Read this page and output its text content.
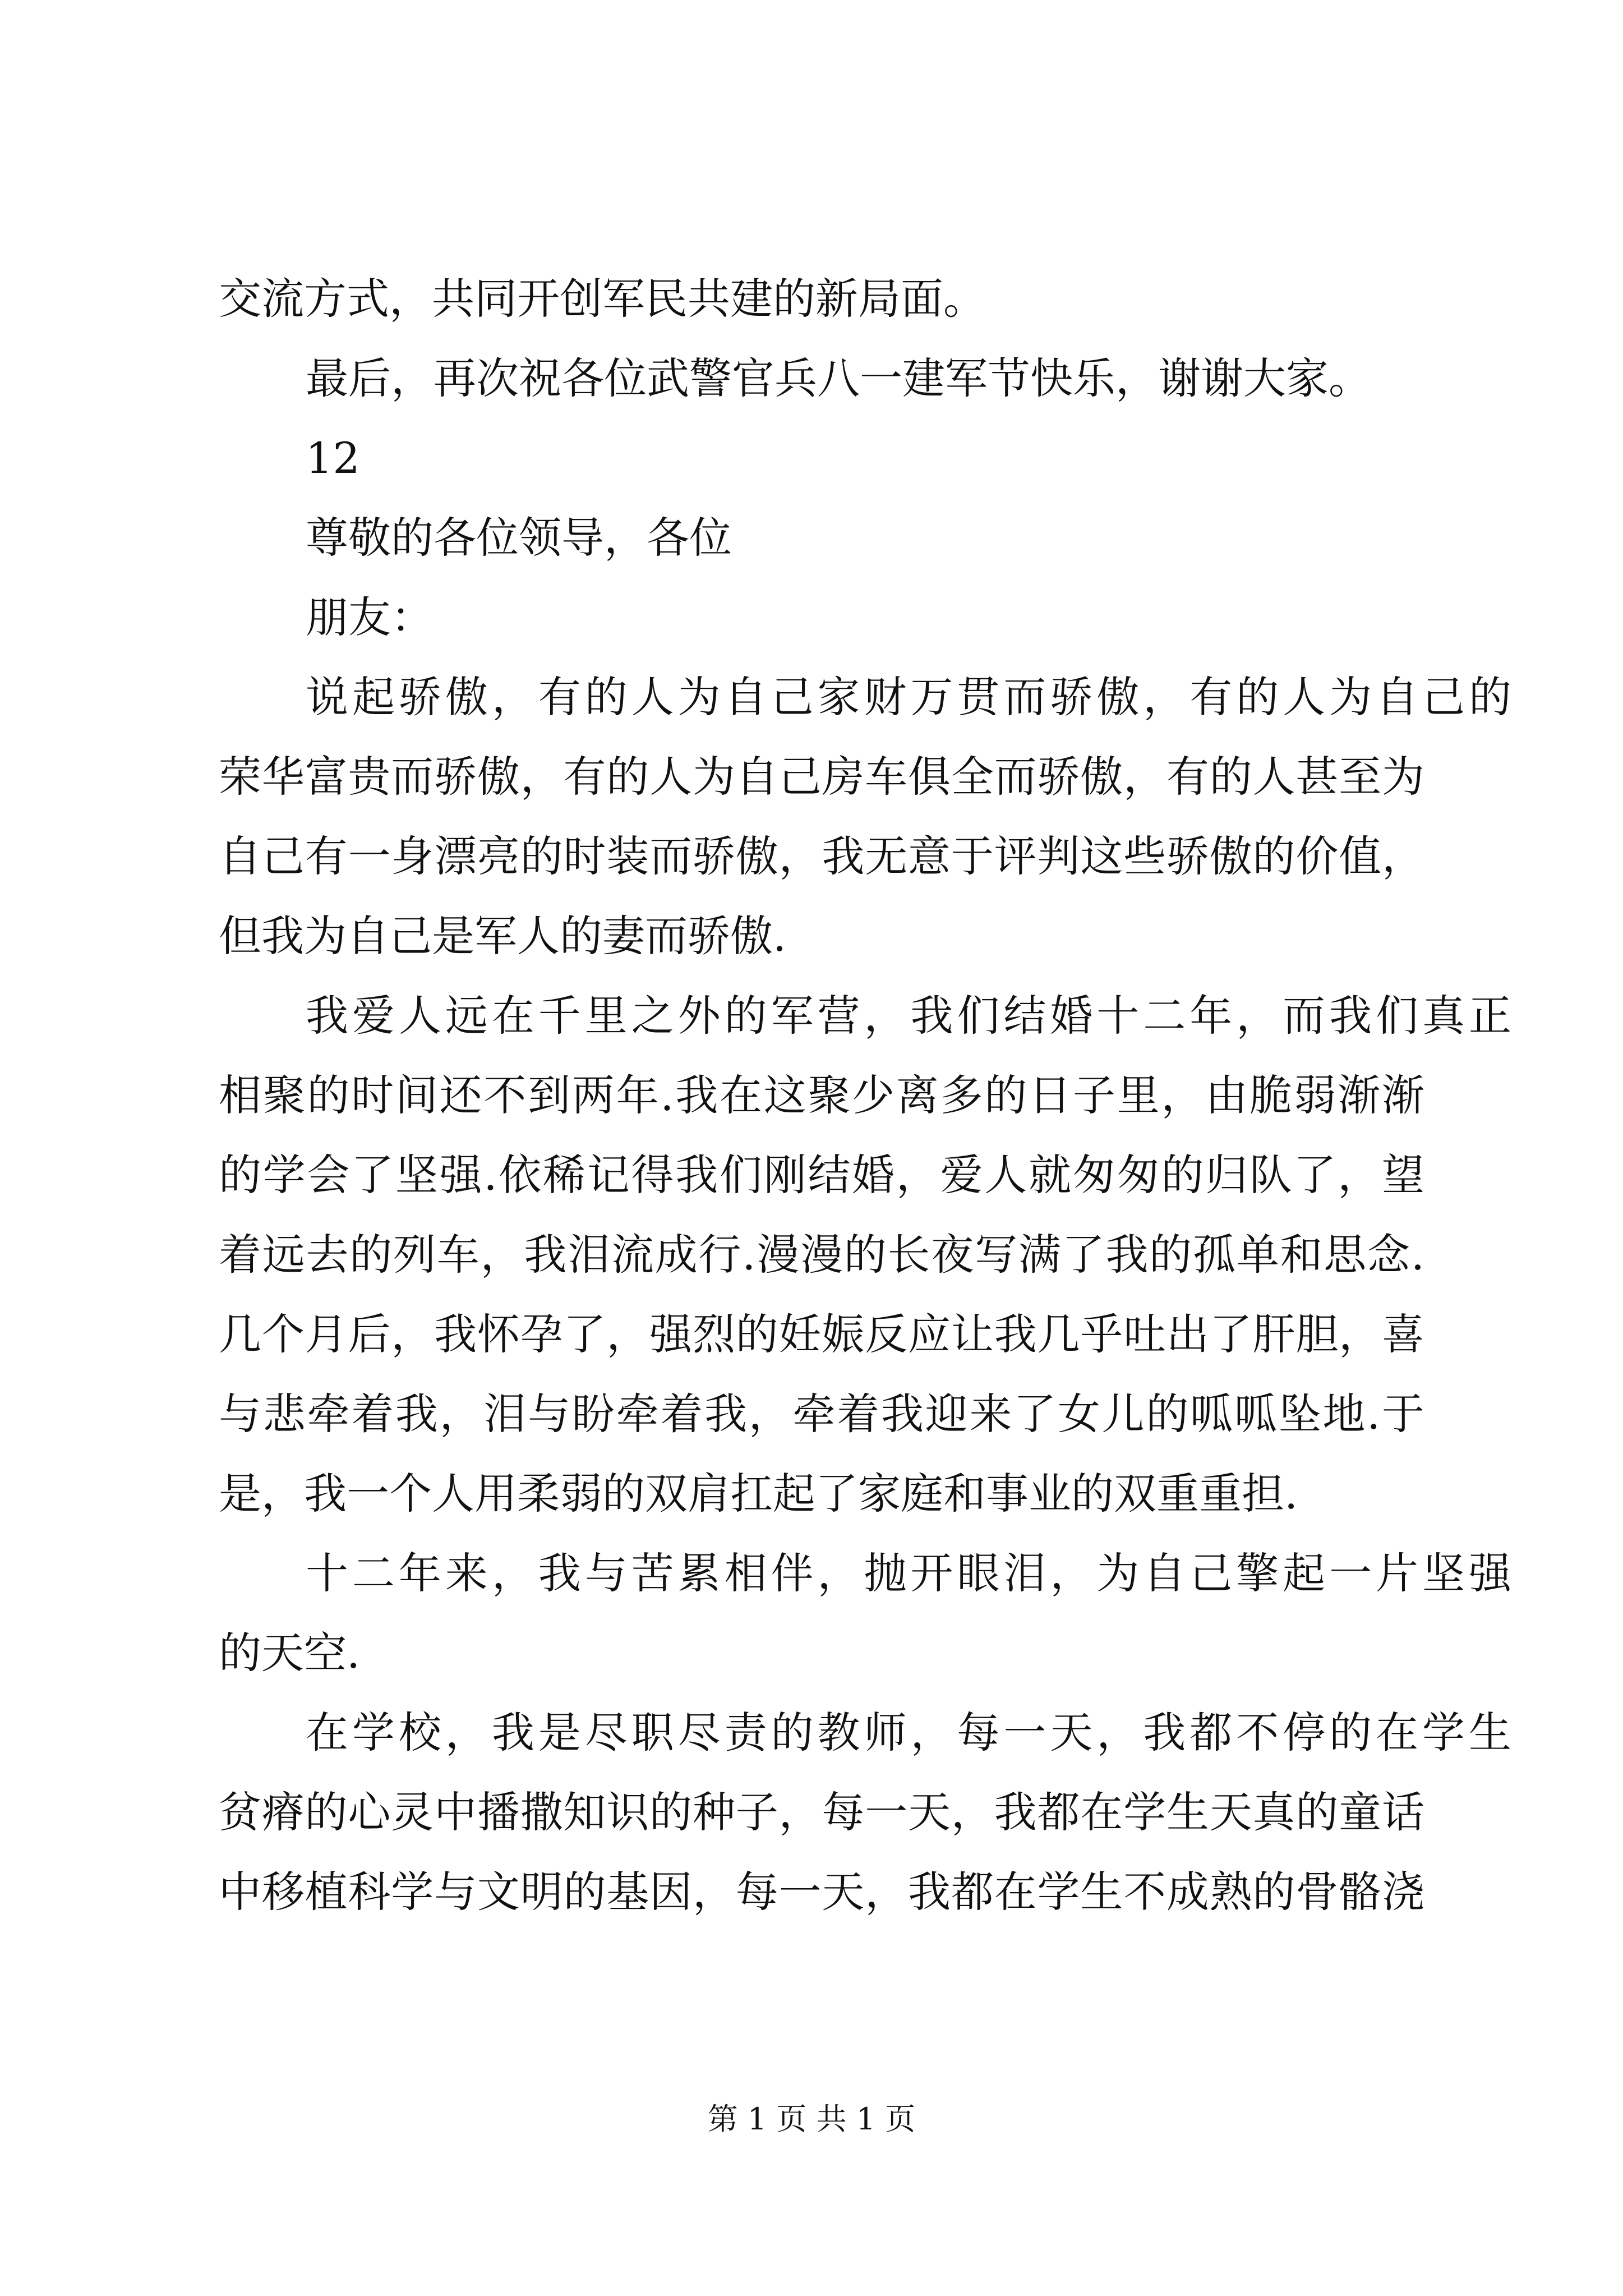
交流方式，共同开创军民共建的新局面。
最后，再次祝各位武警官兵八一建军节快乐，谢谢大家。
12
尊敬的各位领导，各位
朋友：
说起骄傲，有的人为自己家财万贯而骄傲，有的人为自己的
荣华富贵而骄傲，有的人为自己房车俱全而骄傲，有的人甚至为
自己有一身漂亮的时装而骄傲，我无意于评判这些骄傲的价值，
但我为自己是军人的妻而骄傲.
我爱人远在千里之外的军营，我们结婚十二年，而我们真正
相聚的时间还不到两年.我在这聚少离多的日子里，由脆弱渐渐
的学会了坚强.依稀记得我们刚结婚，爱人就匆匆的归队了，望
着远去的列车，我泪流成行.漫漫的长夜写满了我的孤单和思念.
几个月后，我怀孕了，强烈的妊娠反应让我几乎吐出了肝胆，喜
与悲牵着我，泪与盼牵着我，牵着我迎来了女儿的呱呱坠地.于
是，我一个人用柔弱的双肩扛起了家庭和事业的双重重担.
十二年来，我与苦累相伴，抛开眼泪，为自己擎起一片坚强
的天空.
在学校，我是尽职尽责的教师，每一天，我都不停的在学生
贫瘠的心灵中播撒知识的种子，每一天，我都在学生天真的童话
中移植科学与文明的基因，每一天，我都在学生不成熟的骨骼浇
第 1 页 共 1 页
